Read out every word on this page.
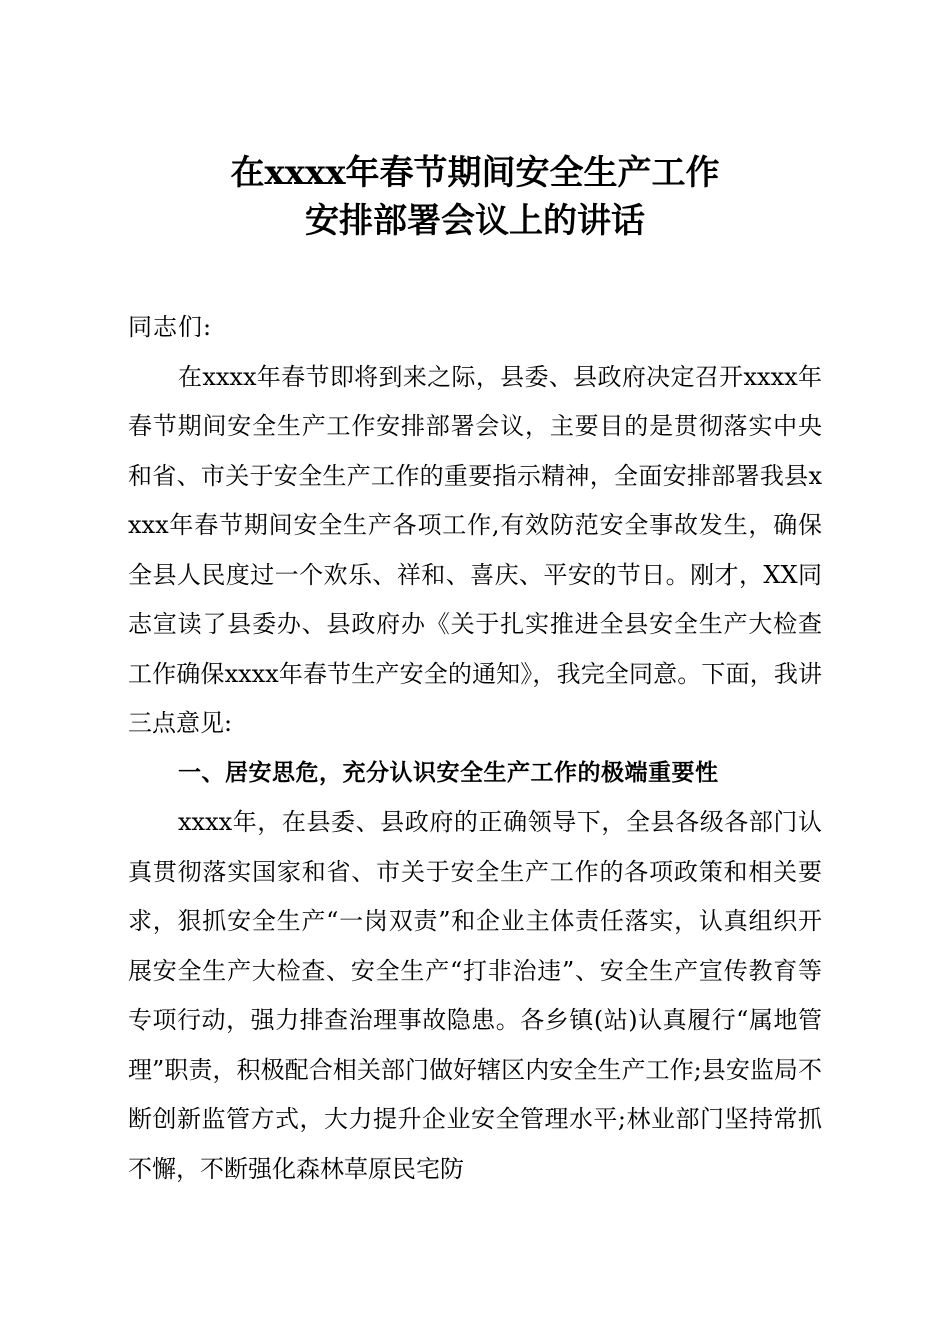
在xxxx年春节期间安全生产工作
安排部署会议上的讲话

同志们:

在xxxx年春节即将到来之际，县委、县政府决定召开xxxx年春节期间安全生产工作安排部署会议，主要目的是贯彻落实中央和省、市关于安全生产工作的重要指示精神，全面安排部署我县xxxx年春节期间安全生产各项工作,有效防范安全事故发生，确保全县人民度过一个欢乐、祥和、喜庆、平安的节日。刚才，XX同志宣读了县委办、县政府办《关于扎实推进全县安全生产大检查工作确保xxxx年春节生产安全的通知》，我完全同意。下面，我讲三点意见:

一、居安思危，充分认识安全生产工作的极端重要性

xxxx年，在县委、县政府的正确领导下，全县各级各部门认真贯彻落实国家和省、市关于安全生产工作的各项政策和相关要求，狠抓安全生产“一岗双责”和企业主体责任落实，认真组织开展安全生产大检查、安全生产“打非治违”、安全生产宣传教育等专项行动，强力排查治理事故隐患。各乡镇(站)认真履行“属地管理”职责，积极配合相关部门做好辖区内安全生产工作;县安监局不断创新监管方式，大力提升企业安全管理水平;林业部门坚持常抓不懈，不断强化森林草原民宅防
